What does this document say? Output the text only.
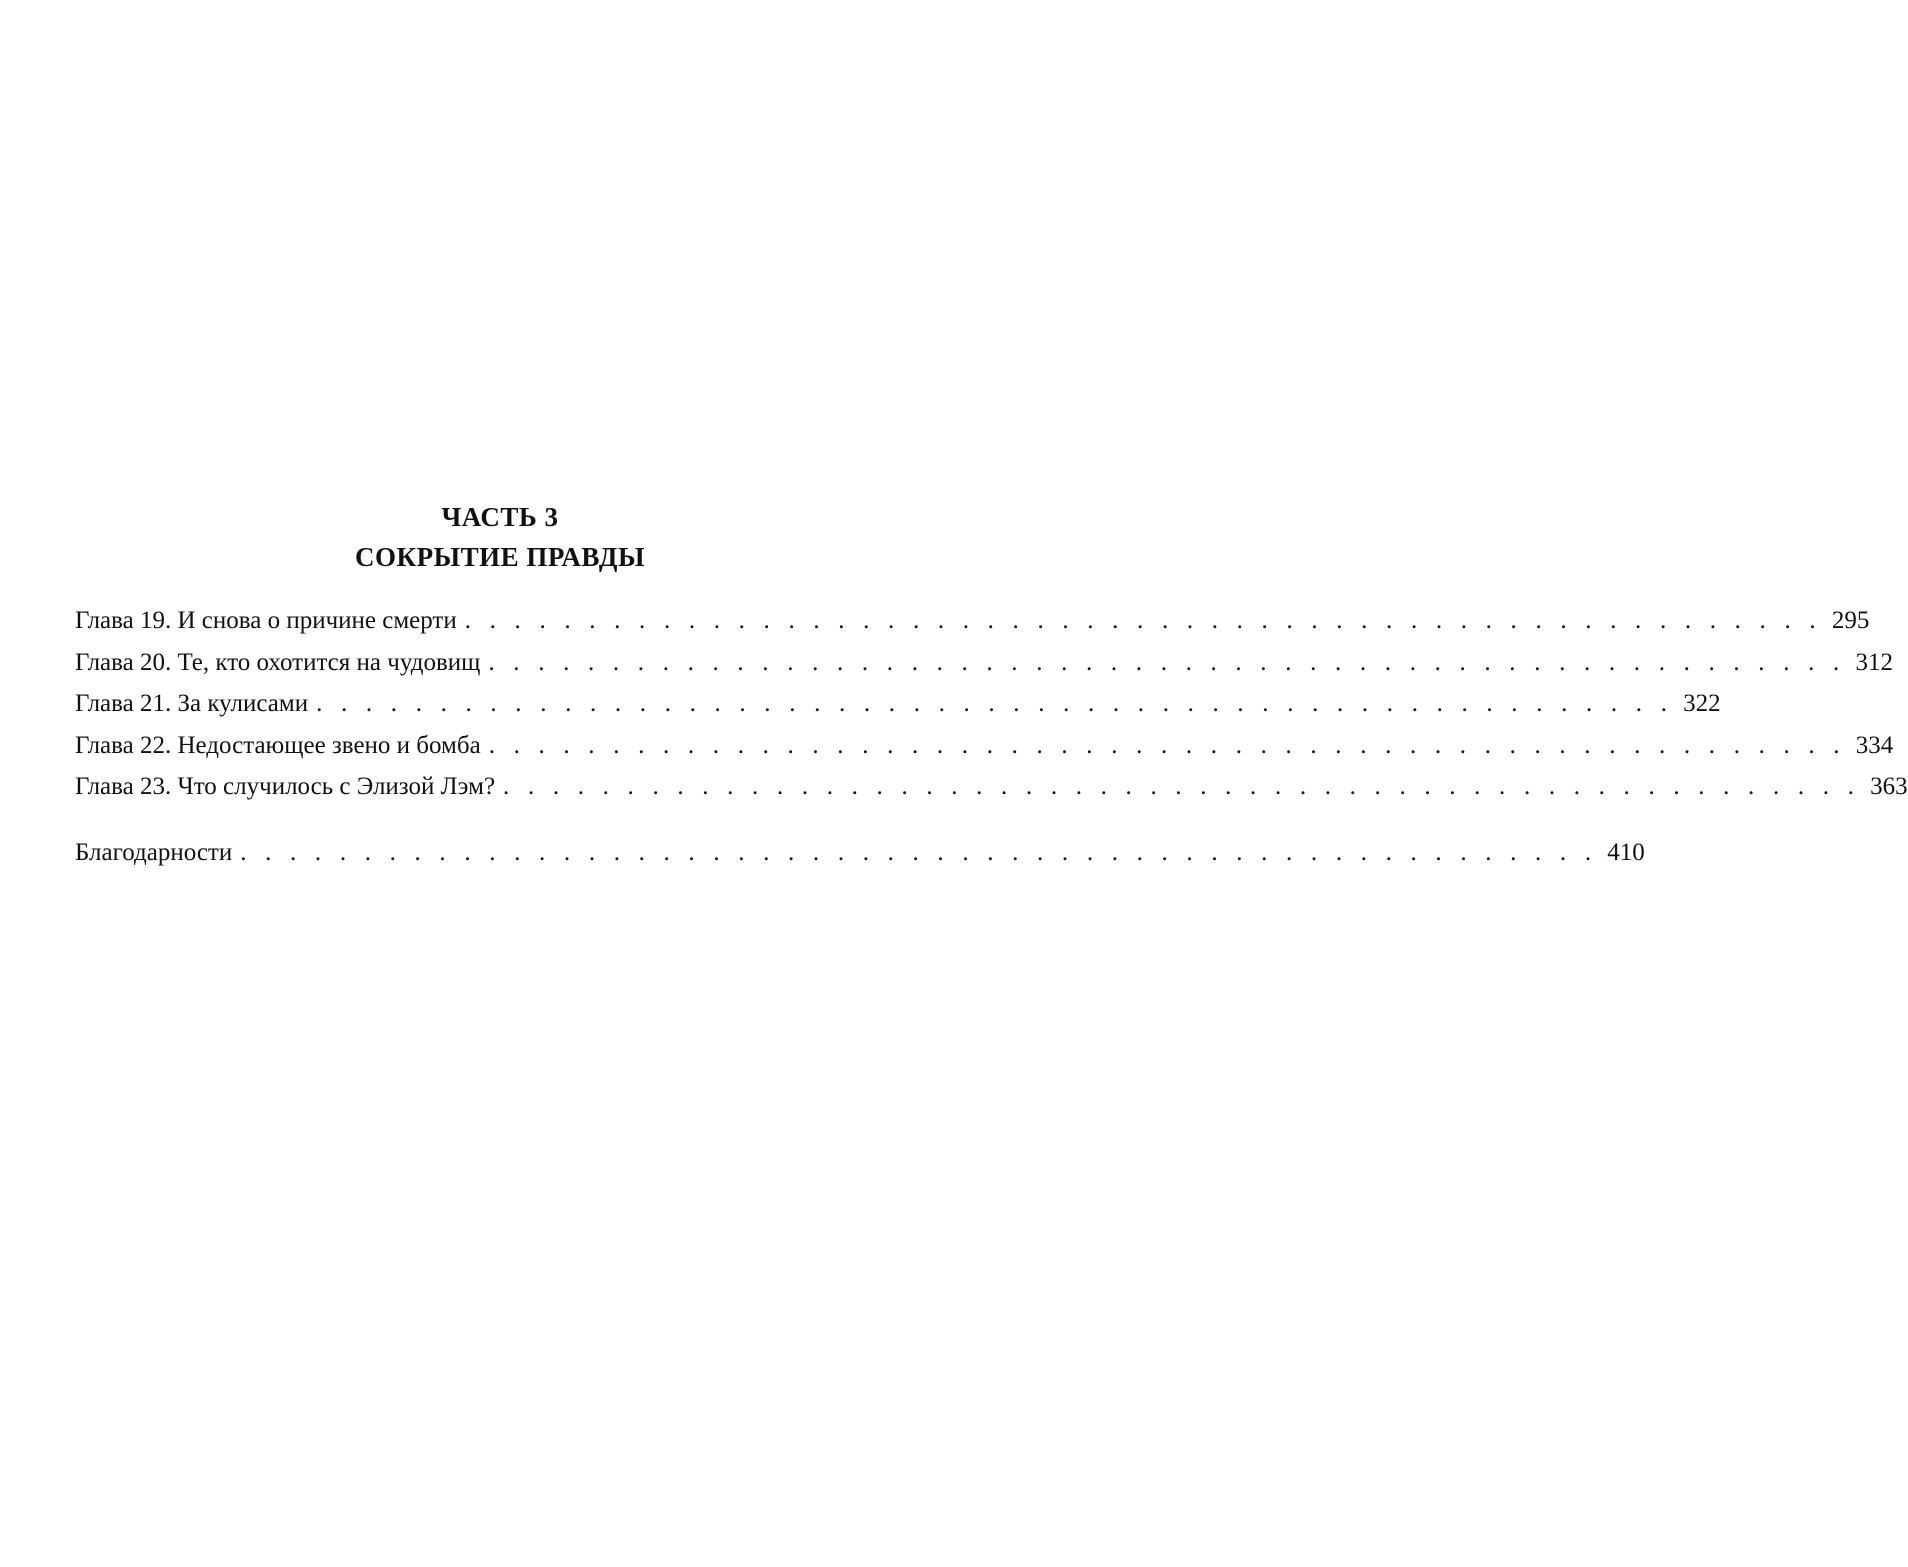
ЧАСТЬ 3
СОКРЫТИЕ ПРАВДЫ
Глава 19. И снова о причине смерти . . . . . . . . . . . . . . . . . . . . . . . . . . . . . . . . . . . . . . . . . . . . . . . . . . . . . . . 295
Глава 20. Те, кто охотится на чудовищ . . . . . . . . . . . . . . . . . . . . . . . . . . . . . . . . . . . . . . . . . . . . . . . . . . . . . . . 312
Глава 21. За кулисами . . . . . . . . . . . . . . . . . . . . . . . . . . . . . . . . . . . . . . . . . . . . . . . . . . . . . . . 322
Глава 22. Недостающее звено и бомба . . . . . . . . . . . . . . . . . . . . . . . . . . . . . . . . . . . . . . . . . . . . . . . . . . . . . . . 334
Глава 23. Что случилось с Элизой Лэм? . . . . . . . . . . . . . . . . . . . . . . . . . . . . . . . . . . . . . . . . . . . . . . . . . . . . . . . 363
Благодарности . . . . . . . . . . . . . . . . . . . . . . . . . . . . . . . . . . . . . . . . . . . . . . . . . . . . . . . 410
